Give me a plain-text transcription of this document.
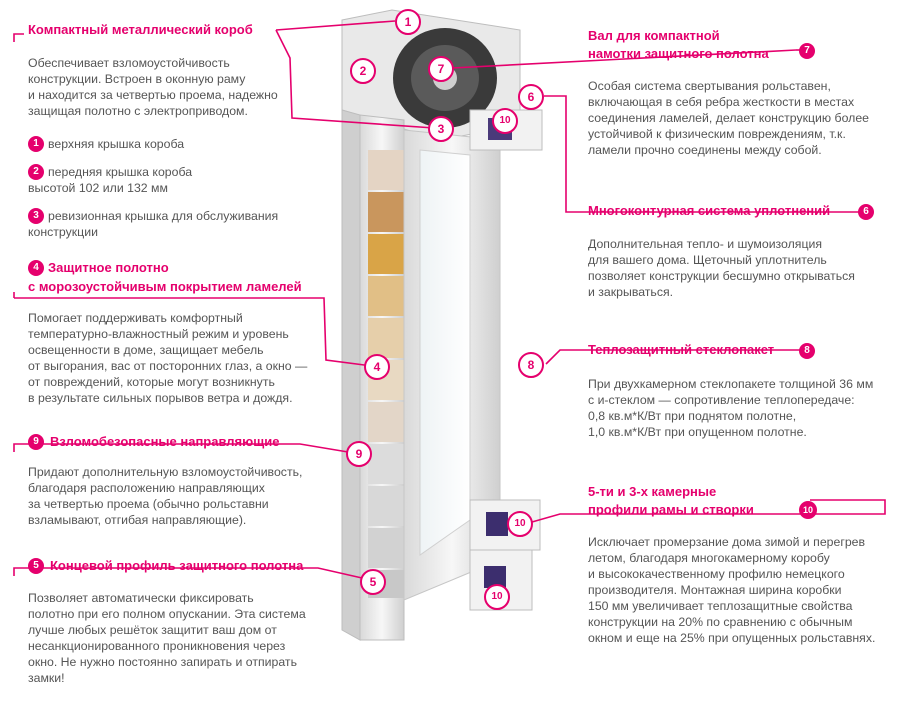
Компактный металлический короб
Обеспечивает взломоустойчивость
конструкции. Встроен в оконную раму
и находится за четвертью проема, надежно
защищая полотно с электроприводом.
1 верхняя крышка короба
2 передняя крышка короба
высотой 102 или 132 мм
3 ревизионная крышка для обслуживания
конструкции
4 Защитное полотно
с морозоустойчивым покрытием ламелей
Помогает поддерживать комфортный
температурно-влажностный режим и уровень
освещенности в доме, защищает мебель
от выгорания, вас от посторонних глаз, а окно —
от повреждений, которые могут возникнуть
в результате сильных порывов ветра и дождя.
9 Взломобезопасные направляющие
Придают дополнительную взломоустойчивость,
благодаря расположению направляющих
за четвертью проема (обычно рольставни
взламывают, отгибая направляющие).
5 Концевой профиль защитного полотна
Позволяет автоматически фиксировать
полотно при его полном опускании. Эта система
лучше любых решёток защитит ваш дом от
несанкционированного проникновения через
окно. Не нужно постоянно запирать и отпирать
замки!
Вал для компактной
намотки защитного полотна	7
Особая система свертывания рольставен,
включающая в себя ребра жесткости в местах
соединения ламелей, делает конструкцию более
устойчивой к физическим повреждениям, т.к.
ламели прочно соединены между собой.
Многоконтурная система уплотнений	6
Дополнительная тепло- и шумоизоляция
для вашего дома. Щеточный уплотнитель
позволяет конструкции бесшумно открываться
и закрываться.
Теплозащитный стеклопакет	8
При двухкамерном стеклопакете толщиной 36 мм
с и-стеклом — сопротивление теплопередаче:
0,8 кв.м*К/Вт при поднятом полотне,
1,0 кв.м*К/Вт при опущенном полотне.
5-ти и 3-х камерные
профили рамы и створки	10
Исключает промерзание дома зимой и перегрев
летом, благодаря многокамерному коробу
и высококачественному профилю немецкого
производителя. Монтажная ширина коробки
150 мм увеличивает теплозащитные свойства
конструкции на 20% по сравнению с обычным
окном и еще на 25% при опущенных рольставнях.
1
2	7
3
10
6
4	8
9
10
5
10
